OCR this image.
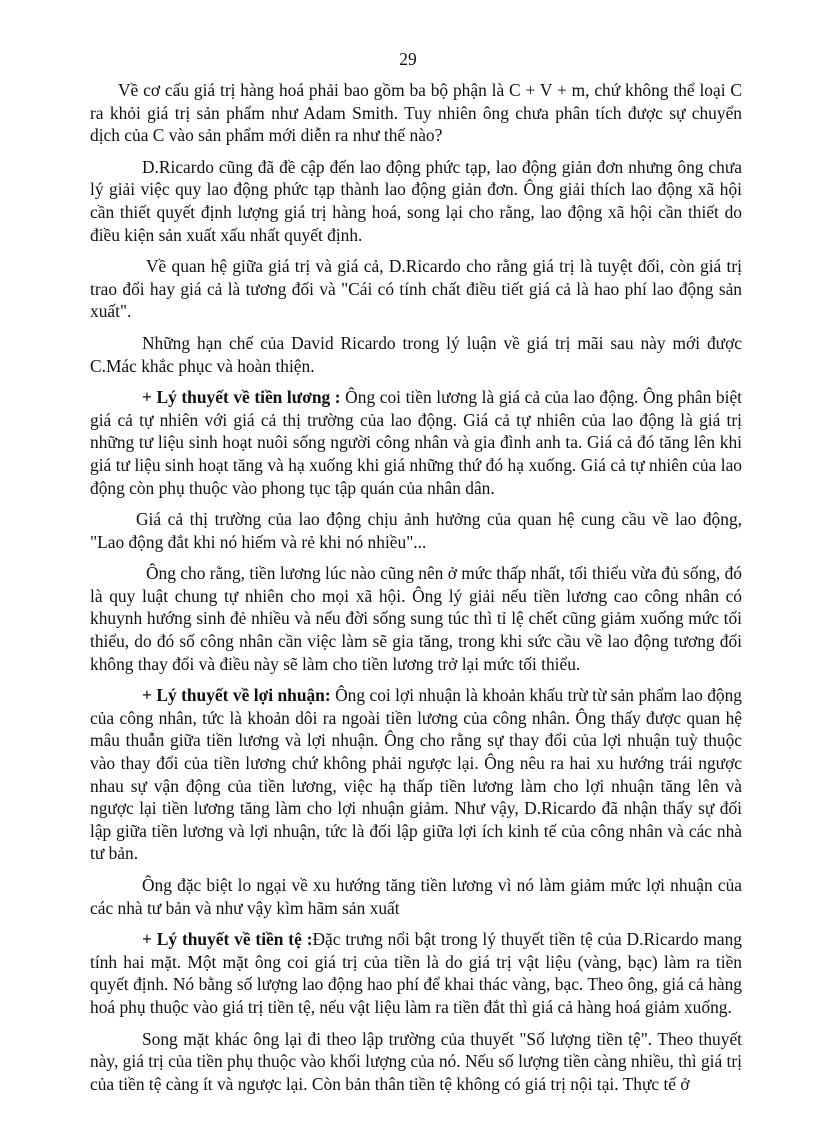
29

Về cơ cấu giá trị hàng hoá phải bao gồm ba bộ phận là C + V + m, chứ không thể loại C ra khỏi giá trị sản phẩm như Adam Smith. Tuy nhiên ông chưa phân tích được sự chuyển dịch của C vào sản phẩm mới diễn ra như thế nào?

D.Ricardo cũng đã đề cập đến lao động phức tạp, lao động giản đơn nhưng ông chưa lý giải việc quy lao động phức tạp thành lao động giản đơn. Ông giải thích lao động xã hội cần thiết quyết định lượng giá trị hàng hoá, song lại cho rằng, lao động xã hội cần thiết do điều kiện sản xuất xấu nhất quyết định.

Về quan hệ giữa giá trị và giá cả, D.Ricardo cho rằng giá trị là tuyệt đối, còn giá trị trao đổi hay giá cả là tương đối và "Cái có tính chất điều tiết giá cả là hao phí lao động sản xuất".

Những hạn chế của David Ricardo trong lý luận về giá trị mãi sau này mới được C.Mác khắc phục và hoàn thiện.

+ Lý thuyết về tiền lương : Ông coi tiền lương là giá cả của lao động. Ông phân biệt giá cả tự nhiên với giá cả thị trường của lao động. Giá cả tự nhiên của lao động là giá trị những tư liệu sinh hoạt nuôi sống người công nhân và gia đình anh ta. Giá cả đó tăng lên khi giá tư liệu sinh hoạt tăng và hạ xuống khi giá những thứ đó hạ xuống. Giá cả tự nhiên của lao động còn phụ thuộc vào phong tục tập quán của nhân dân.

Giá cả thị trường của lao động chịu ảnh hưởng của quan hệ cung cầu về lao động, "Lao động đắt khi nó hiếm và rẻ khi nó nhiều"...

Ông cho rằng, tiền lương lúc nào cũng nên ở mức thấp nhất, tối thiểu vừa đủ sống, đó là quy luật chung tự nhiên cho mọi xã hội. Ông lý giải nếu tiền lương cao công nhân có khuynh hướng sinh đẻ nhiều và nếu đời sống sung túc thì tỉ lệ chết cũng giảm xuống mức tối thiểu, do đó số công nhân cần việc làm sẽ gia tăng, trong khi sức cầu về lao động tương đối không thay đổi và điều này sẽ làm cho tiền lương trở lại mức tối thiểu.

+ Lý thuyết về lợi nhuận: Ông coi lợi nhuận là khoản khấu trừ từ sản phẩm lao động của công nhân, tức là khoản dôi ra ngoài tiền lương của công nhân. Ông thấy được quan hệ mâu thuẫn giữa tiền lương và lợi nhuận. Ông cho rằng sự thay đổi của lợi nhuận tuỳ thuộc vào thay đổi của tiền lương chứ không phải ngược lại. Ông nêu ra hai xu hướng trái ngược nhau sự vận động của tiền lương, việc hạ thấp tiền lương làm cho lợi nhuận tăng lên và ngược lại tiền lương tăng làm cho lợi nhuận giảm. Như vậy, D.Ricardo đã nhận thấy sự đối lập giữa tiền lương và lợi nhuận, tức là đối lập giữa lợi ích kinh tế của công nhân và các nhà tư bản.

Ông đặc biệt lo ngại về xu hướng tăng tiền lương vì nó làm giảm mức lợi nhuận của các nhà tư bản và như vậy kìm hãm sản xuất

+ Lý thuyết về tiền tệ :Đặc trưng nổi bật trong lý thuyết tiền tệ của D.Ricardo mang tính hai mặt. Một mặt ông coi giá trị của tiền là do giá trị vật liệu (vàng, bạc) làm ra tiền quyết định. Nó bằng số lượng lao động hao phí để khai thác vàng, bạc. Theo ông, giá cả hàng hoá phụ thuộc vào giá trị tiền tệ, nếu vật liệu làm ra tiền đắt thì giá cả hàng hoá giảm xuống.

Song mặt khác ông lại đi theo lập trường của thuyết "Số lượng tiền tệ". Theo thuyết này, giá trị của tiền phụ thuộc vào khối lượng của nó. Nếu số lượng tiền càng nhiều, thì giá trị của tiền tệ càng ít và ngược lại. Còn bản thân tiền tệ không có giá trị nội tại. Thực tế ở
